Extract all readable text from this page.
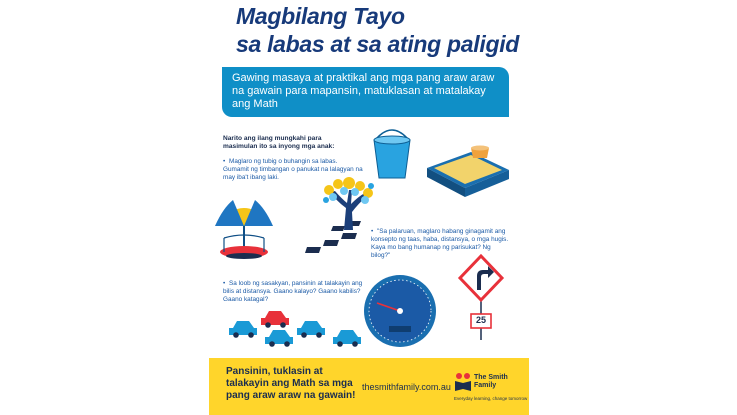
Magbilang Tayo
sa labas at sa ating paligid

Gawing masaya at praktikal ang mga pang araw araw na gawain para mapansin, matuklasan at matalakay ang Math

Narito ang ilang mungkahi para masimulan ito sa inyong mga anak:
• Maglaro ng tubig o buhangin sa labas. Gumamit ng timbangan o panukat na lalagyan na may iba't ibang laki.
• "Sa palaruan, maglaro habang ginagamit ang konsepto ng taas, haba, distansya, o mga hugis. Kaya mo bang humanap ng parisukat? Ng bilog?"
• Sa loob ng sasakyan, pansinin at talakayin ang bilis at distansya. Gaano kalayo? Gaano kabilis? Gaano katagal?
25
Pansinin, tuklasin at talakayin ang Math sa mga pang araw araw na gawain!
thesmithfamily.com.au
The Smith
Family
Everyday learning, change tomorrow
